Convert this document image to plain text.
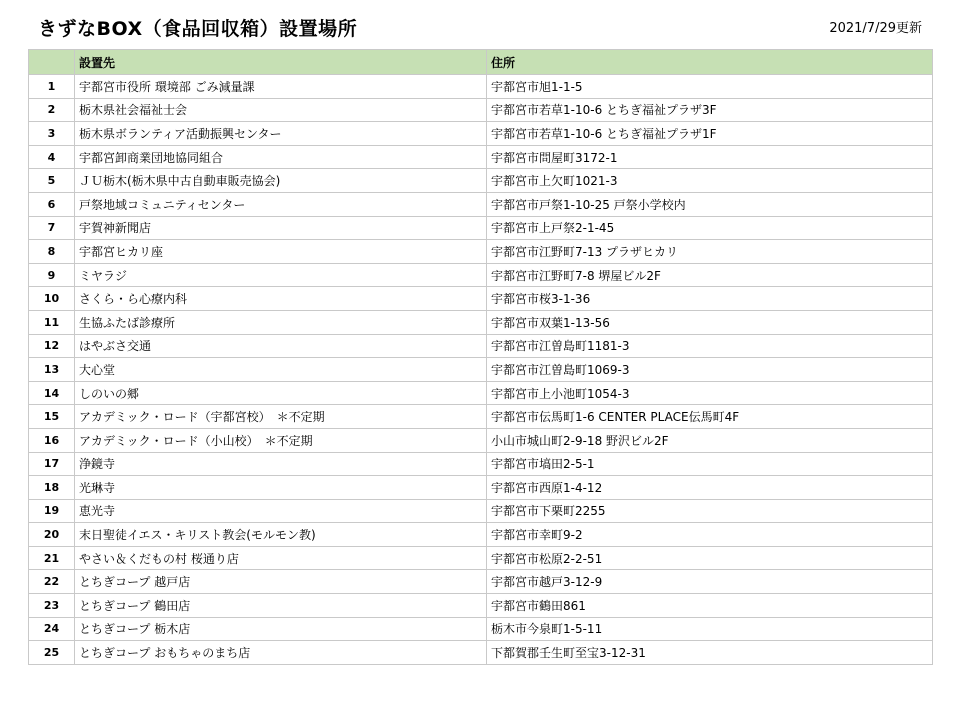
きずなBOX（食品回収箱）設置場所	2021/7/29更新
	設置先	住所
1	宇都宮市役所 環境部 ごみ減量課	宇都宮市旭1-1-5
2	栃木県社会福祉士会	宇都宮市若草1-10-6 とちぎ福祉プラザ3F
3	栃木県ボランティア活動振興センター	宇都宮市若草1-10-6 とちぎ福祉プラザ1F
4	宇都宮卸商業団地協同組合	宇都宮市問屋町3172-1
5	ＪＵ栃木(栃木県中古自動車販売協会)	宇都宮市上欠町1021-3
6	戸祭地域コミュニティセンター	宇都宮市戸祭1-10-25 戸祭小学校内
7	宇賀神新聞店	宇都宮市上戸祭2-1-45
8	宇都宮ヒカリ座	宇都宮市江野町7-13 プラザヒカリ
9	ミヤラジ	宇都宮市江野町7-8 堺屋ビル2F
10	さくら・ら心療内科	宇都宮市桜3-1-36
11	生協ふたば診療所	宇都宮市双葉1-13-56
12	はやぶさ交通	宇都宮市江曽島町1181-3
13	大心堂	宇都宮市江曽島町1069-3
14	しのいの郷	宇都宮市上小池町1054-3
15	アカデミック・ロード（宇都宮校）　＊不定期	宇都宮市伝馬町1-6 CENTER PLACE伝馬町4F
16	アカデミック・ロード（小山校）　＊不定期	小山市城山町2-9-18 野沢ビル2F
17	浄鏡寺	宇都宮市塙田2-5-1
18	光琳寺	宇都宮市西原1-4-12
19	恵光寺	宇都宮市下栗町2255
20	末日聖徒イエス・キリスト教会(モルモン教)	宇都宮市幸町9-2
21	やさい＆くだもの村 桜通り店	宇都宮市松原2-2-51
22	とちぎコープ 越戸店	宇都宮市越戸3-12-9
23	とちぎコープ 鶴田店	宇都宮市鶴田861
24	とちぎコープ 栃木店	栃木市今泉町1-5-11
25	とちぎコープ おもちゃのまち店	下都賀郡壬生町至宝3-12-31
